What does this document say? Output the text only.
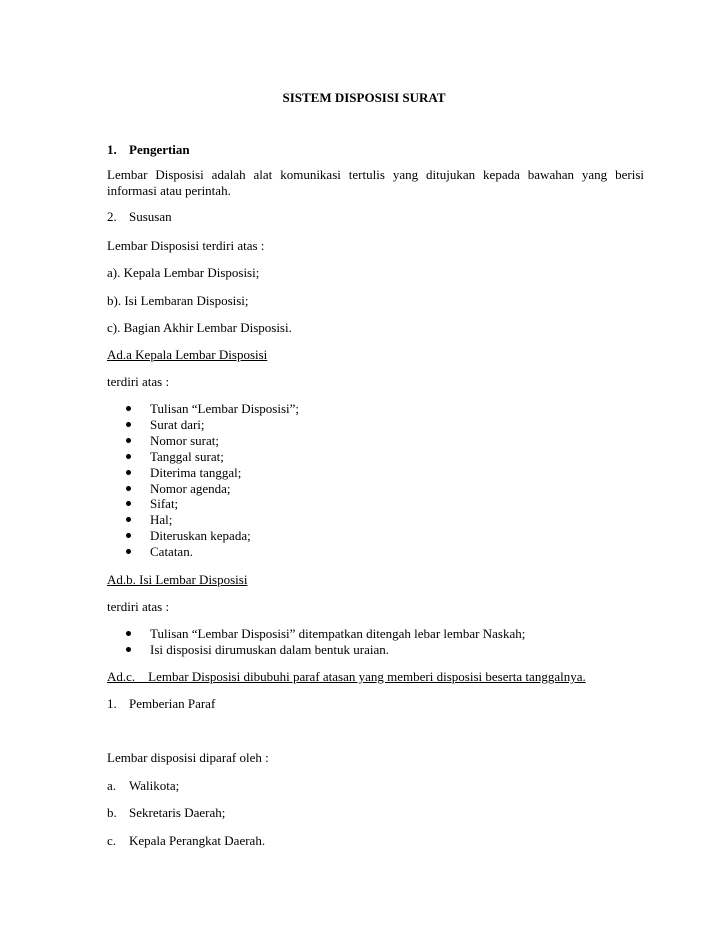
SISTEM DISPOSISI SURAT
1. Pengertian
Lembar Disposisi adalah alat komunikasi tertulis yang ditujukan kepada bawahan yang berisi informasi atau perintah.
2. Sususan
Lembar Disposisi terdiri atas :
a). Kepala Lembar Disposisi;
b). Isi Lembaran Disposisi;
c). Bagian Akhir Lembar Disposisi.
Ad.a Kepala Lembar Disposisi
terdiri atas :
Tulisan “Lembar Disposisi”;
Surat dari;
Nomor surat;
Tanggal surat;
Diterima tanggal;
Nomor agenda;
Sifat;
Hal;
Diteruskan kepada;
Catatan.
Ad.b. Isi Lembar Disposisi
terdiri atas :
Tulisan “Lembar Disposisi” ditempatkan ditengah lebar lembar Naskah;
Isi disposisi dirumuskan dalam bentuk uraian.
Ad.c.    Lembar Disposisi dibubuhi paraf atasan yang memberi disposisi beserta tanggalnya.
1. Pemberian Paraf
Lembar disposisi diparaf oleh :
a. Walikota;
b. Sekretaris Daerah;
c. Kepala Perangkat Daerah.
